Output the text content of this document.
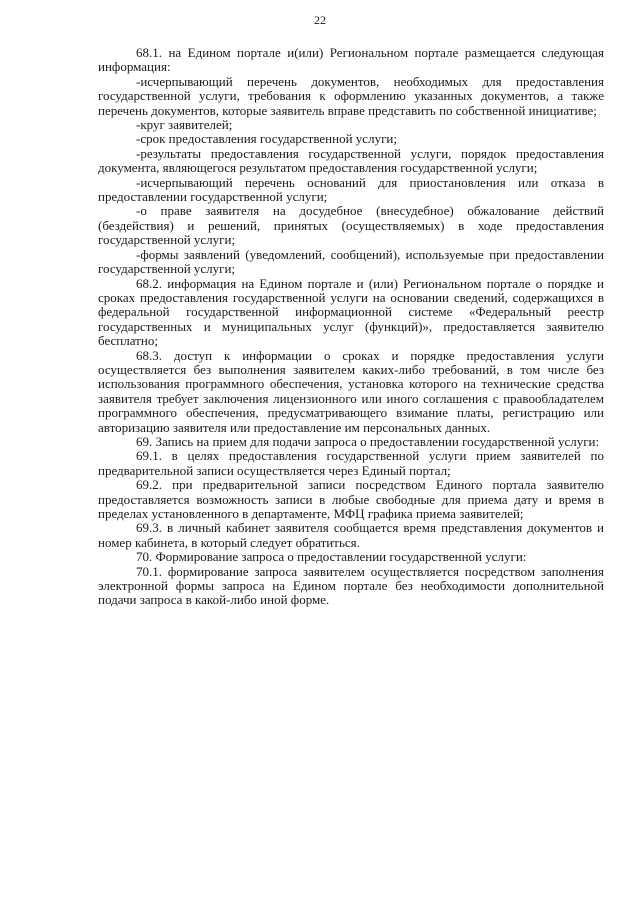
22

68.1. на Едином портале и(или) Региональном портале размещается следующая информация:

-исчерпывающий перечень документов, необходимых для предоставления государственной услуги, требования к оформлению указанных документов, а также перечень документов, которые заявитель вправе представить по собственной инициативе;

-круг заявителей;

-срок предоставления государственной услуги;

-результаты предоставления государственной услуги, порядок предоставления документа, являющегося результатом предоставления государственной услуги;

-исчерпывающий перечень оснований для приостановления или отказа в предоставлении государственной услуги;

-о праве заявителя на досудебное (внесудебное) обжалование действий (бездействия) и решений, принятых (осуществляемых) в ходе предоставления государственной услуги;

-формы заявлений (уведомлений, сообщений), используемые при предоставлении государственной услуги;

68.2. информация на Едином портале и (или) Региональном портале о порядке и сроках предоставления государственной услуги на основании сведений, содержащихся в федеральной государственной информационной системе «Федеральный реестр государственных и муниципальных услуг (функций)», предоставляется заявителю бесплатно;

68.3. доступ к информации о сроках и порядке предоставления услуги осуществляется без выполнения заявителем каких-либо требований, в том числе без использования программного обеспечения, установка которого на технические средства заявителя требует заключения лицензионного или иного соглашения с правообладателем программного обеспечения, предусматривающего взимание платы, регистрацию или авторизацию заявителя или предоставление им персональных данных.

69. Запись на прием для подачи запроса о предоставлении государственной услуги:

69.1. в целях предоставления государственной услуги прием заявителей по предварительной записи осуществляется через Единый портал;

69.2. при предварительной записи посредством Единого портала заявителю предоставляется возможность записи в любые свободные для приема дату и время в пределах установленного в департаменте, МФЦ графика приема заявителей;

69.3. в личный кабинет заявителя сообщается время представления документов и номер кабинета, в который следует обратиться.

70. Формирование запроса о предоставлении государственной услуги:

70.1. формирование запроса заявителем осуществляется посредством заполнения электронной формы запроса на Едином портале без необходимости дополнительной подачи запроса в какой-либо иной форме.
